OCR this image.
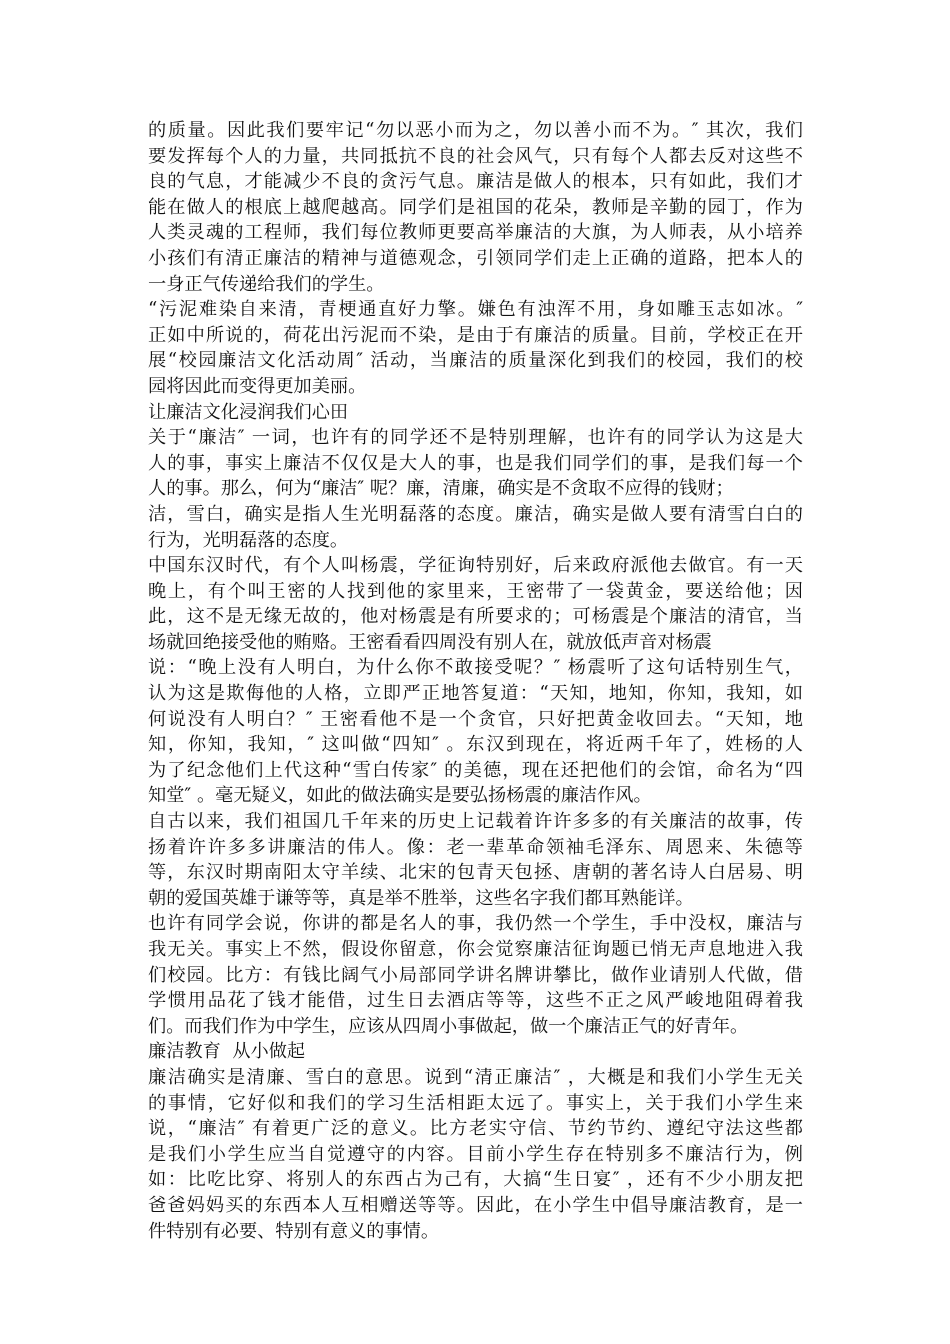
的质量。因此我们要牢记“勿以恶小而为之，勿以善小而不为。″ 其次，我们
要发挥每个人的力量，共同抵抗不良的社会风气，只有每个人都去反对这些不
良的气息，才能减少不良的贪污气息。廉洁是做人的根本，只有如此，我们才
能在做人的根底上越爬越高。同学们是祖国的花朵，教师是辛勤的园丁，作为
人类灵魂的工程师，我们每位教师更要高举廉洁的大旗，为人师表，从小培养
小孩们有清正廉洁的精神与道德观念，引领同学们走上正确的道路，把本人的
一身正气传递给我们的学生。
“污泥难染自来清，青梗通直好力擎。嫌色有浊浑不用，身如雕玉志如冰。″
正如中所说的，荷花出污泥而不染，是由于有廉洁的质量。目前，学校正在开
展“校园廉洁文化活动周″ 活动，当廉洁的质量深化到我们的校园，我们的校
园将因此而变得更加美丽。
让廉洁文化浸润我们心田
关于“廉洁″ 一词，也许有的同学还不是特别理解，也许有的同学认为这是大
人的事，事实上廉洁不仅仅是大人的事，也是我们同学们的事，是我们每一个
人的事。那么，何为“廉洁″ 呢？廉，清廉，确实是不贪取不应得的钱财；
洁，雪白，确实是指人生光明磊落的态度。廉洁，确实是做人要有清雪白白的
行为，光明磊落的态度。
中国东汉时代，有个人叫杨震，学征询特别好，后来政府派他去做官。有一天
晚上，有个叫王密的人找到他的家里来，王密带了一袋黄金，要送给他；因
此，这不是无缘无故的，他对杨震是有所要求的；可杨震是个廉洁的清官，当
场就回绝接受他的贿赂。王密看看四周没有别人在，就放低声音对杨震
说：“晚上没有人明白，为什么你不敢接受呢？″ 杨震听了这句话特别生气，
认为这是欺侮他的人格，立即严正地答复道：“天知，地知，你知，我知，如
何说没有人明白？″ 王密看他不是一个贪官，只好把黄金收回去。“天知，地
知，你知，我知，″ 这叫做“四知″ 。东汉到现在，将近两千年了，姓杨的人
为了纪念他们上代这种“雪白传家″ 的美德，现在还把他们的会馆，命名为“四
知堂″ 。毫无疑义，如此的做法确实是要弘扬杨震的廉洁作风。
自古以来，我们祖国几千年来的历史上记载着许许多多的有关廉洁的故事，传
扬着许许多多讲廉洁的伟人。像：老一辈革命领袖毛泽东、周恩来、朱德等
等，东汉时期南阳太守羊续、北宋的包青天包拯、唐朝的著名诗人白居易、明
朝的爱国英雄于谦等等，真是举不胜举，这些名字我们都耳熟能详。
也许有同学会说，你讲的都是名人的事，我仍然一个学生，手中没权，廉洁与
我无关。事实上不然，假设你留意，你会觉察廉洁征询题已悄无声息地进入我
们校园。比方：有钱比阔气小局部同学讲名牌讲攀比，做作业请别人代做，借
学惯用品花了钱才能借，过生日去酒店等等，这些不正之风严峻地阻碍着我
们。而我们作为中学生，应该从四周小事做起，做一个廉洁正气的好青年。
廉洁教育  从小做起
廉洁确实是清廉、雪白的意思。说到“清正廉洁″ ，大概是和我们小学生无关
的事情，它好似和我们的学习生活相距太远了。事实上，关于我们小学生来
说，“廉洁″ 有着更广泛的意义。比方老实守信、节约节约、遵纪守法这些都
是我们小学生应当自觉遵守的内容。目前小学生存在特别多不廉洁行为，例
如：比吃比穿、将别人的东西占为己有，大搞“生日宴″ ，还有不少小朋友把
爸爸妈妈买的东西本人互相赠送等等。因此，在小学生中倡导廉洁教育，是一
件特别有必要、特别有意义的事情。
